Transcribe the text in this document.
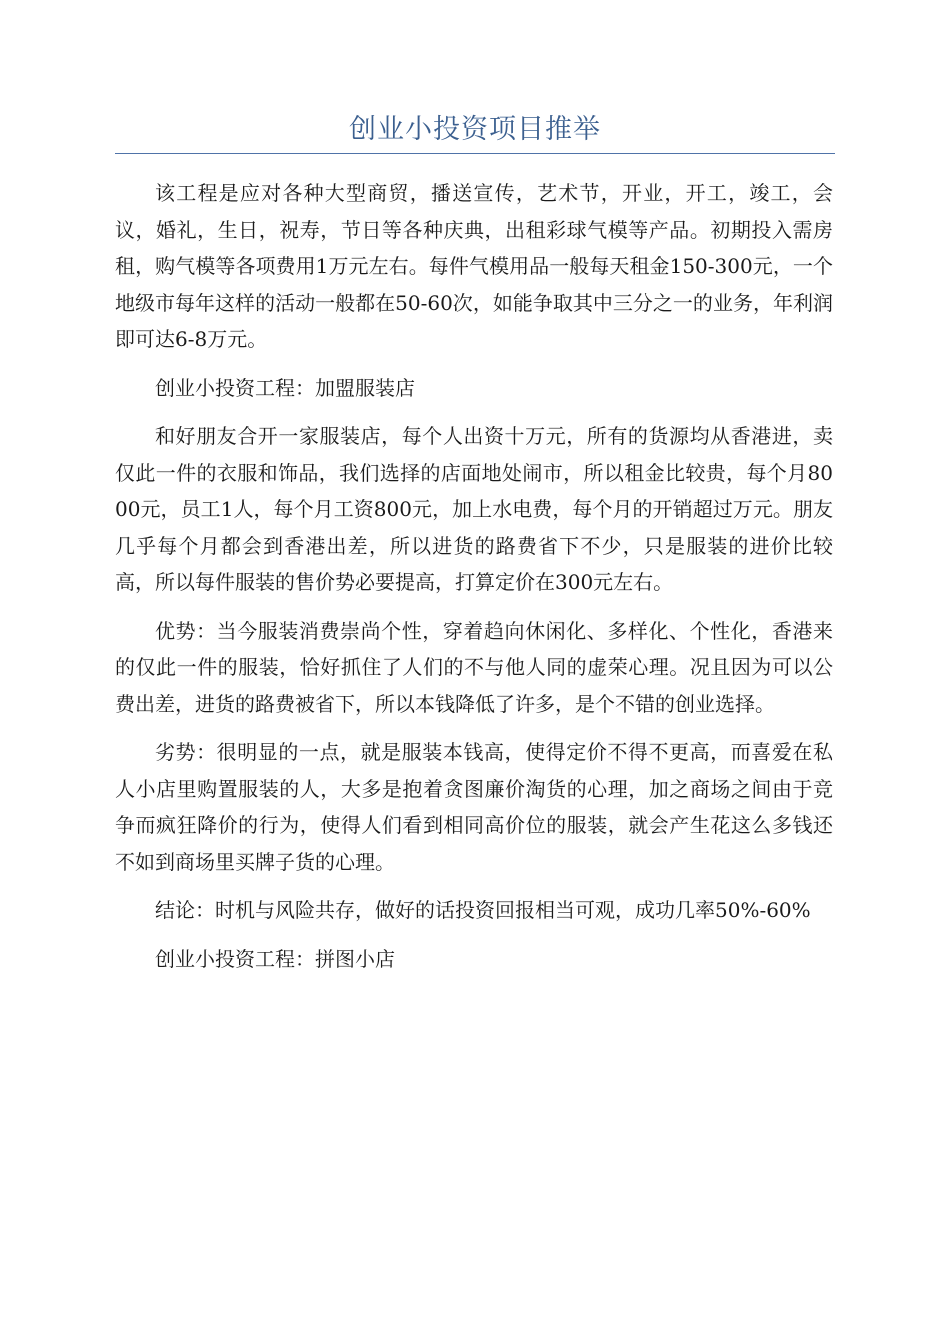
创业小投资项目推举

该工程是应对各种大型商贸，播送宣传，艺术节，开业，开工，竣工，会议，婚礼，生日，祝寿，节日等各种庆典，出租彩球气模等产品。初期投入需房租，购气模等各项费用1万元左右。每件气模用品一般每天租金150-300元，一个地级市每年这样的活动一般都在50-60次，如能争取其中三分之一的业务，年利润即可达6-8万元。

创业小投资工程：加盟服装店

和好朋友合开一家服装店，每个人出资十万元，所有的货源均从香港进，卖仅此一件的衣服和饰品，我们选择的店面地处闹市，所以租金比较贵，每个月8000元，员工1人，每个月工资800元，加上水电费，每个月的开销超过万元。朋友几乎每个月都会到香港出差，所以进货的路费省下不少，只是服装的进价比较高，所以每件服装的售价势必要提高，打算定价在300元左右。

优势：当今服装消费崇尚个性，穿着趋向休闲化、多样化、个性化，香港来的仅此一件的服装，恰好抓住了人们的不与他人同的虚荣心理。况且因为可以公费出差，进货的路费被省下，所以本钱降低了许多，是个不错的创业选择。

劣势：很明显的一点，就是服装本钱高，使得定价不得不更高，而喜爱在私人小店里购置服装的人，大多是抱着贪图廉价淘货的心理，加之商场之间由于竞争而疯狂降价的行为，使得人们看到相同高价位的服装，就会产生花这么多钱还不如到商场里买牌子货的心理。

结论：时机与风险共存，做好的话投资回报相当可观，成功几率50%-60%

创业小投资工程：拼图小店
